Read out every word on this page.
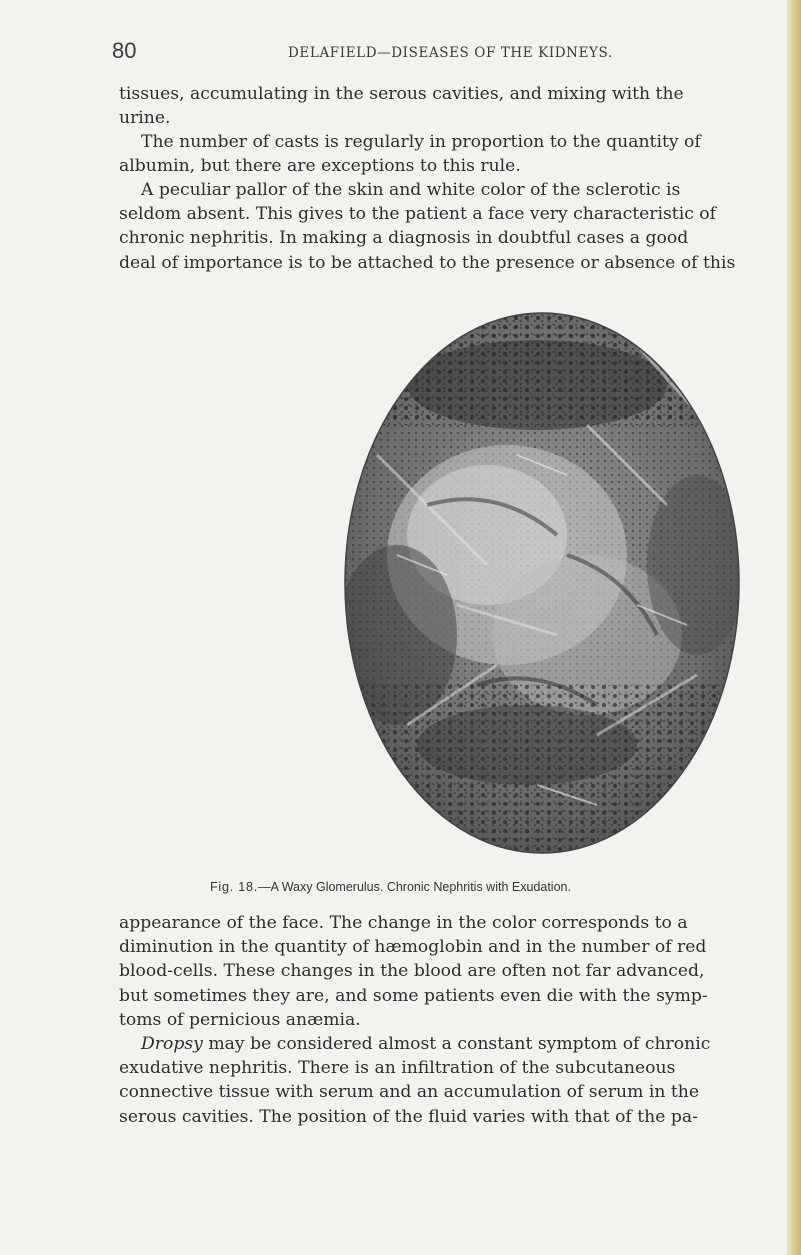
80	DELAFIELD—DISEASES OF THE KIDNEYS.

tissues, accumulating in the serous cavities, and mixing with the
urine.

The number of casts is regularly in proportion to the quantity of
albumin, but there are exceptions to this rule.

A peculiar pallor of the skin and white color of the sclerotic is
seldom absent. This gives to the patient a face very characteristic of
chronic nephritis. In making a diagnosis in doubtful cases a good
deal of importance is to be attached to the presence or absence of this

Fig. 18.—A Waxy Glomerulus. Chronic Nephritis with Exudation.

appearance of the face. The change in the color corresponds to a
diminution in the quantity of hæmoglobin and in the number of red
blood-cells. These changes in the blood are often not far advanced,
but sometimes they are, and some patients even die with the symp-
toms of pernicious anæmia.

Dropsy may be considered almost a constant symptom of chronic
exudative nephritis. There is an infiltration of the subcutaneous
connective tissue with serum and an accumulation of serum in the
serous cavities. The position of the fluid varies with that of the pa-
